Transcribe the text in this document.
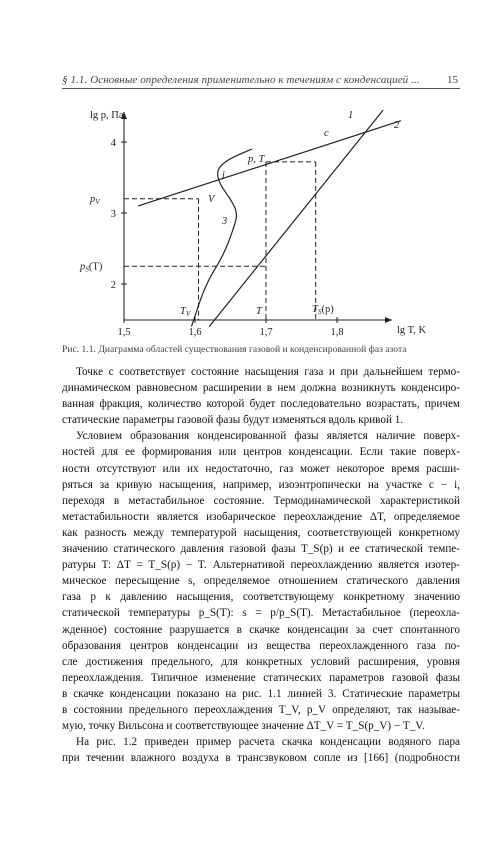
§ 1.1. Основные определения применительно к течениям с конденсацией ... 15
lg p, Па
lg T, K
2
3
4
1,5	1,6	1,7	1,8
pV
pS(T)
p, T
c
i
V
1
2
3
TV	T	TS(p)
Рис. 1.1. Диаграмма областей существования газовой и конденсированной фаз азота
Точке c соответствует состояние насыщения газа и при дальнейшем термо-
динамическом равновесном расширении в нем должна возникнуть конденсиро-
ванная фракция, количество которой будет последовательно возрастать, причем
статические параметры газовой фазы будут изменяться вдоль кривой 1.
Условием образования конденсированной фазы является наличие поверх-
ностей для ее формирования или центров конденсации. Если такие поверх-
ности отсутствуют или их недостаточно, газ может некоторое время расши-
ряться за кривую насыщения, например, изоэнтропически на участке c − i,
переходя в метастабильное состояние. Термодинамической характеристикой
метастабильности является изобарическое переохлаждение ΔT, определяемое
как разность между температурой насыщения, соответствующей конкретному
значению статического давления газовой фазы T_S(p) и ее статической темпе-
ратуры T: ΔT = T_S(p) − T. Альтернативой переохлаждению является изотер-
мическое пересыщение s, определяемое отношением статического давления
газа p к давлению насыщения, соответствующему конкретному значению
статической температуры p_S(T): s = p/p_S(T). Метастабильное (переохла-
жденное) состояние разрушается в скачке конденсации за счет спонтанного
образования центров конденсации из вещества переохлажденного газа по-
сле достижения предельного, для конкретных условий расширения, уровня
переохлаждения. Типичное изменение статических параметров газовой фазы
в скачке конденсации показано на рис. 1.1 линией 3. Статические параметры
в состоянии предельного переохлаждения T_V, p_V определяют, так называе-
мую, точку Вильсона и соответствующее значение ΔT_V = T_S(p_V) − T_V.
На рис. 1.2 приведен пример расчета скачка конденсации водяного пара
при течении влажного воздуха в трансзвуковом сопле из [166] (подробности
